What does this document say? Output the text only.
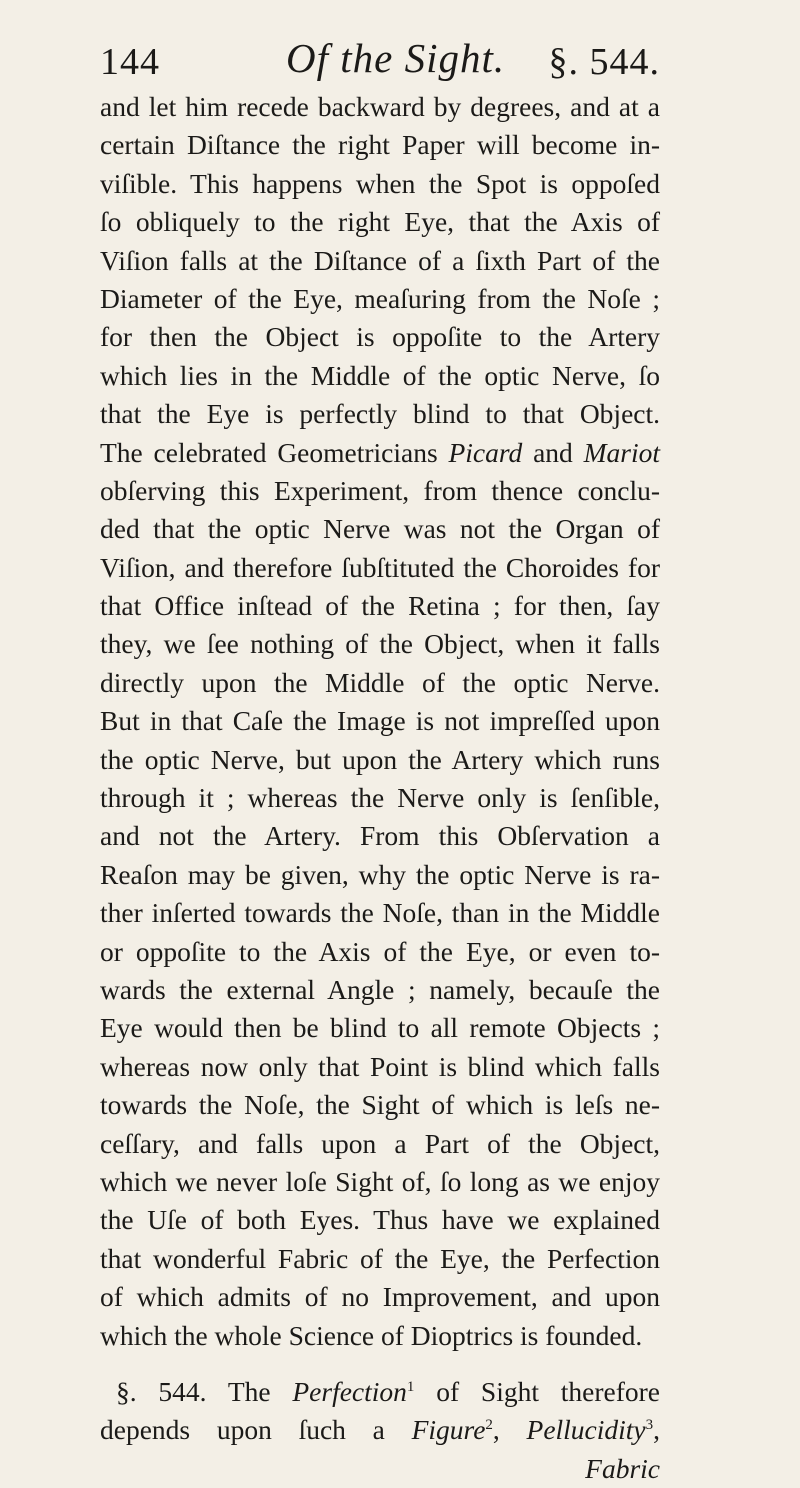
144	Of the Sight. §. 544.
and let him recede backward by degrees, and at a
certain Diſtance the right Paper will become in-
viſible. This happens when the Spot is oppoſed
ſo obliquely to the right Eye, that the Axis of
Viſion falls at the Diſtance of a ſixth Part of the
Diameter of the Eye, meaſuring from the Noſe ;
for then the Object is oppoſite to the Artery
which lies in the Middle of the optic Nerve, ſo
that the Eye is perfectly blind to that Object.
The celebrated Geometricians Picard and Mariot
obſerving this Experiment, from thence conclu-
ded that the optic Nerve was not the Organ of
Viſion, and therefore ſubſtituted the Choroides for
that Office inſtead of the Retina ; for then, ſay
they, we ſee nothing of the Object, when it falls
directly upon the Middle of the optic Nerve.
But in that Caſe the Image is not impreſſed upon
the optic Nerve, but upon the Artery which runs
through it ; whereas the Nerve only is ſenſible,
and not the Artery. From this Obſervation a
Reaſon may be given, why the optic Nerve is ra-
ther inſerted towards the Noſe, than in the Middle
or oppoſite to the Axis of the Eye, or even to-
wards the external Angle ; namely, becauſe the
Eye would then be blind to all remote Objects ;
whereas now only that Point is blind which falls
towards the Noſe, the Sight of which is leſs ne-
ceſſary, and falls upon a Part of the Object,
which we never loſe Sight of, ſo long as we enjoy
the Uſe of both Eyes. Thus have we explained
that wonderful Fabric of the Eye, the Perfection
of which admits of no Improvement, and upon
which the whole Science of Dioptrics is founded.
§. 544. The Perfection$^1$ of Sight therefore
depends upon ſuch a Figure$^2$, Pellucidity$^3$,
Fabric
